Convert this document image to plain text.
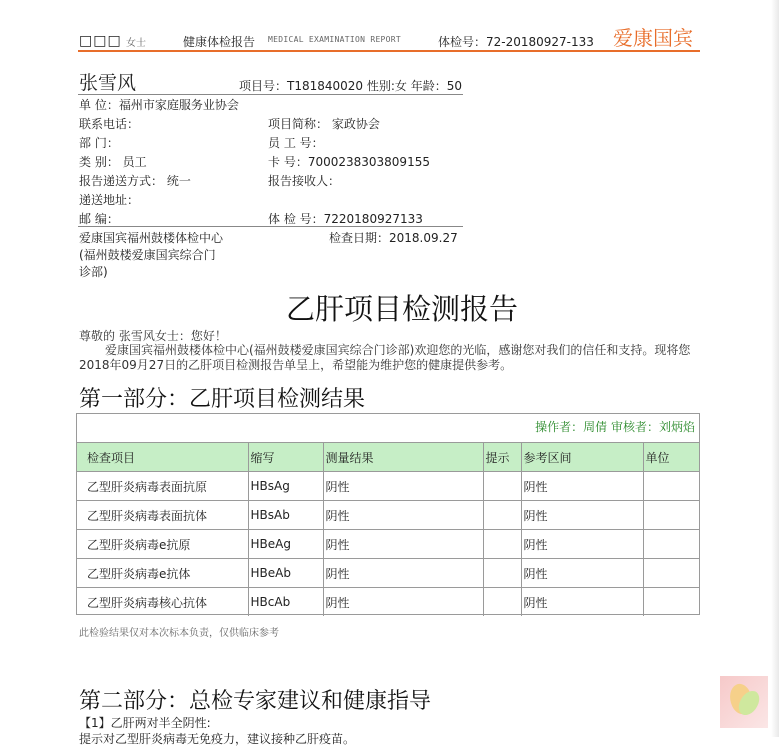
□□□ 女士	健康体检报告 MEDICAL EXAMINATION REPORT	体检号：72-20180927-133 爱康国宾
张雪风	项目号：T181840020 性别:女 年龄：50
单 位：福州市家庭服务业协会
联系电话：	项目简称： 家政协会
部 门：	员 工 号：
类 别： 员工	卡 号：7000238303809155
报告递送方式： 统一	报告接收人：
递送地址：
邮 编：	体 检 号：7220180927133
爱康国宾福州鼓楼体检中心
(福州鼓楼爱康国宾综合门
诊部)
检查日期：2018.09.27
乙肝项目检测报告
尊敬的 张雪风女士：您好！
爱康国宾福州鼓楼体检中心(福州鼓楼爱康国宾综合门诊部)欢迎您的光临，感谢您对我们的信任和支持。现将您2018年09月27日的乙肝项目检测报告单呈上，希望能为维护您的健康提供参考。
第一部分：乙肝项目检测结果
操作者：周倩 审核者：刘炳焰
检查项目	缩写	测量结果	提示	参考区间	单位
乙型肝炎病毒表面抗原	HBsAg	阴性		阴性	
乙型肝炎病毒表面抗体	HBsAb	阴性		阴性	
乙型肝炎病毒e抗原	HBeAg	阴性		阴性	
乙型肝炎病毒e抗体	HBeAb	阴性		阴性	
乙型肝炎病毒核心抗体	HBcAb	阴性		阴性	
此检验结果仅对本次标本负责，仅供临床参考
第二部分：总检专家建议和健康指导
【1】乙肝两对半全阴性:
提示对乙型肝炎病毒无免疫力，建议接种乙肝疫苗。
